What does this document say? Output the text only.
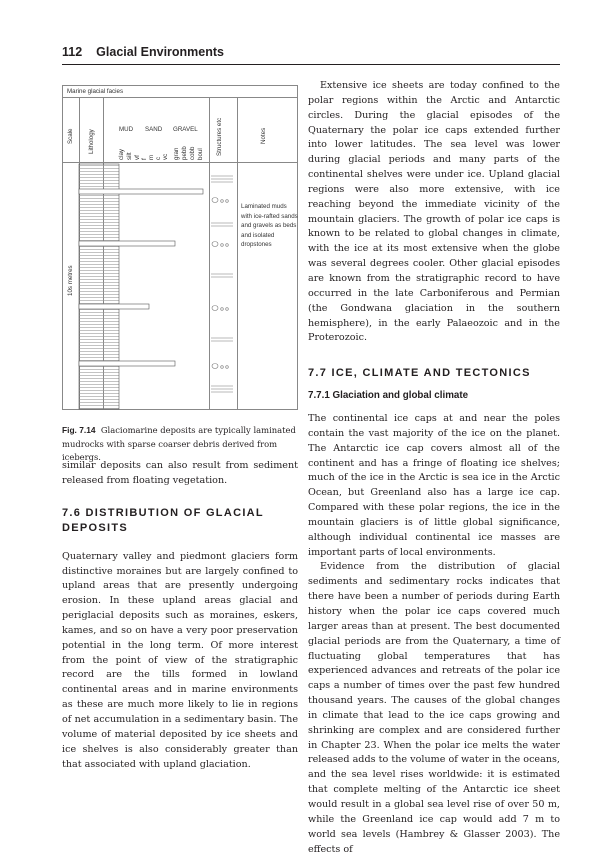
112 Glacial Environments
Marine glacial facies
Scale Lithology	Structures etc	Notes
MUD SAND GRAVEL
clay silt vf f m c vc gran pebb cobb boul
10s metres
Laminated muds
with ice-rafted sands
and gravels as beds
and isolated
dropstones
Fig. 7.14 Glaciomarine deposits are typically laminated mudrocks with sparse coarser debris derived from icebergs.

similar deposits can also result from sediment released from floating vegetation.

7.6 DISTRIBUTION OF GLACIAL DEPOSITS

Quaternary valley and piedmont glaciers form distinctive moraines but are largely confined to upland areas that are presently undergoing erosion. In these upland areas glacial and periglacial deposits such as moraines, eskers, kames, and so on have a very poor preservation potential in the long term. Of more interest from the point of view of the stratigraphic record are the tills formed in lowland continental areas and in marine environments as these are much more likely to lie in regions of net accumulation in a sedimentary basin. The volume of material deposited by ice sheets and ice shelves is also considerably greater than that associated with upland glaciation.

Extensive ice sheets are today confined to the polar regions within the Arctic and Antarctic circles. During the glacial episodes of the Quaternary the polar ice caps extended further into lower latitudes. The sea level was lower during glacial periods and many parts of the continental shelves were under ice. Upland glacial regions were also more extensive, with ice reaching beyond the immediate vicinity of the mountain glaciers. The growth of polar ice caps is known to be related to global changes in climate, with the ice at its most extensive when the globe was several degrees cooler. Other glacial episodes are known from the stratigraphic record to have occurred in the late Carboniferous and Permian (the Gondwana glaciation in the southern hemisphere), in the early Palaeozoic and in the Proterozoic.

7.7 ICE, CLIMATE AND TECTONICS
7.7.1 Glaciation and global climate

The continental ice caps at and near the poles contain the vast majority of the ice on the planet. The Antarctic ice cap covers almost all of the continent and has a fringe of floating ice shelves; much of the ice in the Arctic is sea ice in the Arctic Ocean, but Greenland also has a large ice cap. Compared with these polar regions, the ice in the mountain glaciers is of little global significance, although individual continental ice masses are important parts of local environments.

Evidence from the distribution of glacial sediments and sedimentary rocks indicates that there have been a number of periods during Earth history when the polar ice caps covered much larger areas than at present. The best documented glacial periods are from the Quaternary, a time of fluctuating global temperatures that has experienced advances and retreats of the polar ice caps a number of times over the past few hundred thousand years. The causes of the global changes in climate that lead to the ice caps growing and shrinking are complex and are considered further in Chapter 23. When the polar ice melts the water released adds to the volume of water in the oceans, and the sea level rises worldwide: it is estimated that complete melting of the Antarctic ice sheet would result in a global sea level rise of over 50 m, while the Greenland ice cap would add 7 m to world sea levels (Hambrey & Glasser 2003). The effects of
